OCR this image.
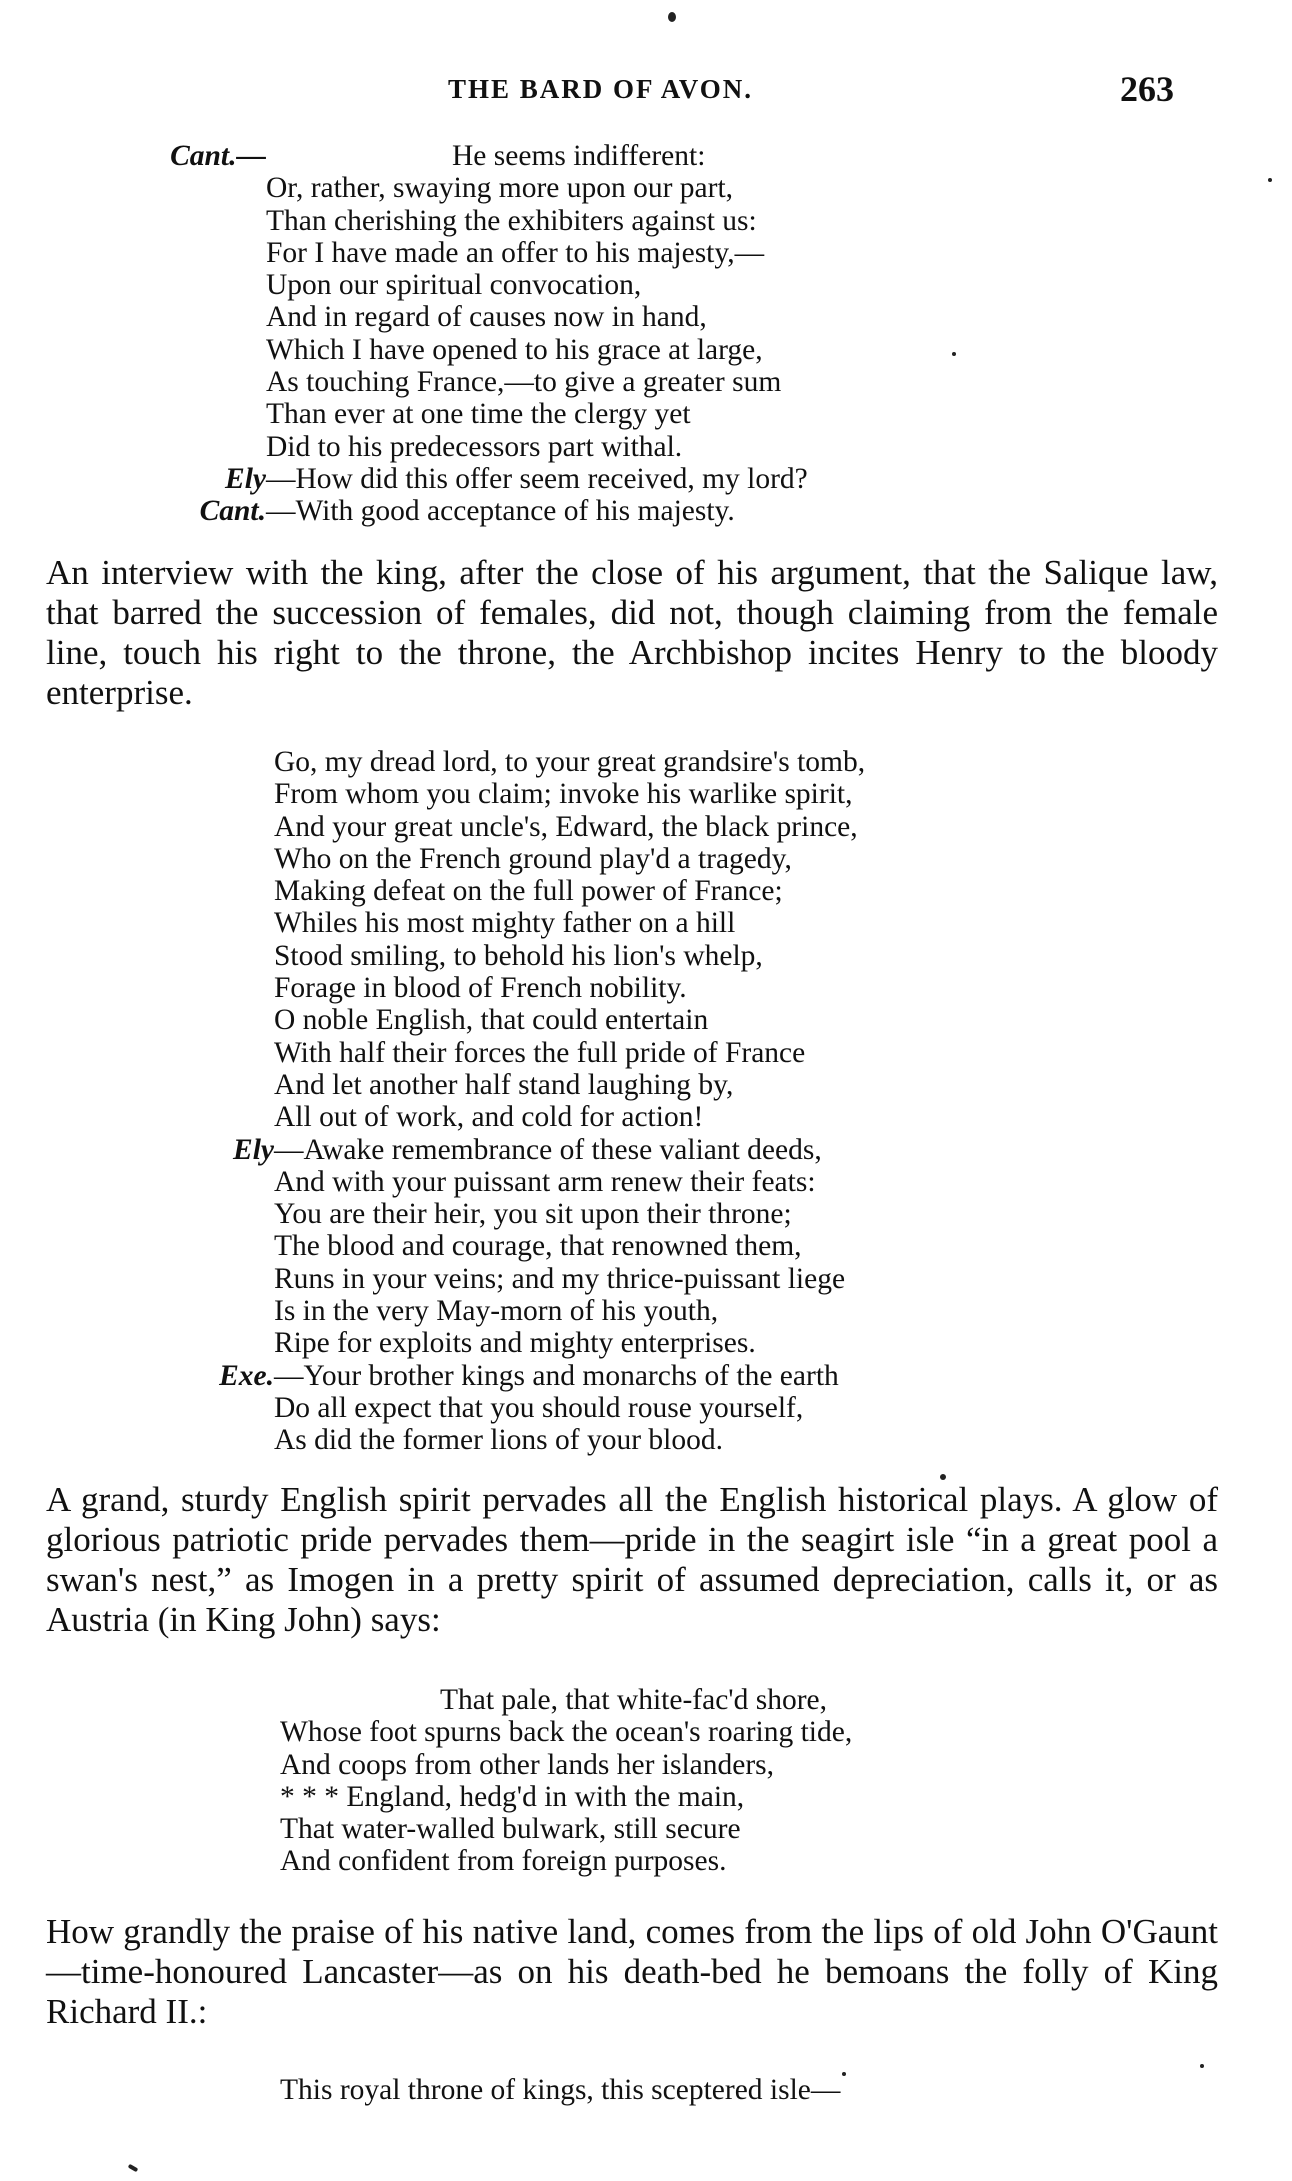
THE BARD OF AVON.	263
Cant.—	He seems indifferent:
Or, rather, swaying more upon our part,
Than cherishing the exhibiters against us:
For I have made an offer to his majesty,—
Upon our spiritual convocation,
And in regard of causes now in hand,
Which I have opened to his grace at large,
As touching France,—to give a greater sum
Than ever at one time the clergy yet
Did to his predecessors part withal.
Ely —How did this offer seem received, my lord?
Cant. —With good acceptance of his majesty.

An interview with the king, after the close of his argument, that the Salique law, that barred the succession of females, did not, though claiming from the female line, touch his right to the throne, the Archbishop incites Henry to the bloody enterprise.

Go, my dread lord, to your great grandsire's tomb,
From whom you claim; invoke his warlike spirit,
And your great uncle's, Edward, the black prince,
Who on the French ground play'd a tragedy,
Making defeat on the full power of France;
Whiles his most mighty father on a hill
Stood smiling, to behold his lion's whelp,
Forage in blood of French nobility.
O noble English, that could entertain
With half their forces the full pride of France
And let another half stand laughing by,
All out of work, and cold for action!
Ely —Awake remembrance of these valiant deeds,
And with your puissant arm renew their feats:
You are their heir, you sit upon their throne;
The blood and courage, that renowned them,
Runs in your veins; and my thrice-puissant liege
Is in the very May-morn of his youth,
Ripe for exploits and mighty enterprises.
Exe. —Your brother kings and monarchs of the earth
Do all expect that you should rouse yourself,
As did the former lions of your blood.

A grand, sturdy English spirit pervades all the English historical plays. A glow of glorious patriotic pride pervades them—pride in the seagirt isle “in a great pool a swan's nest,” as Imogen in a pretty spirit of assumed depreciation, calls it, or as Austria (in King John) says:

That pale, that white-fac'd shore,
Whose foot spurns back the ocean's roaring tide,
And coops from other lands her islanders,
* * * England, hedg'd in with the main,
That water-walled bulwark, still secure
And confident from foreign purposes.

How grandly the praise of his native land, comes from the lips of old John O'Gaunt—time-honoured Lancaster—as on his death-bed he bemoans the folly of King Richard II.:

This royal throne of kings, this sceptered isle—
